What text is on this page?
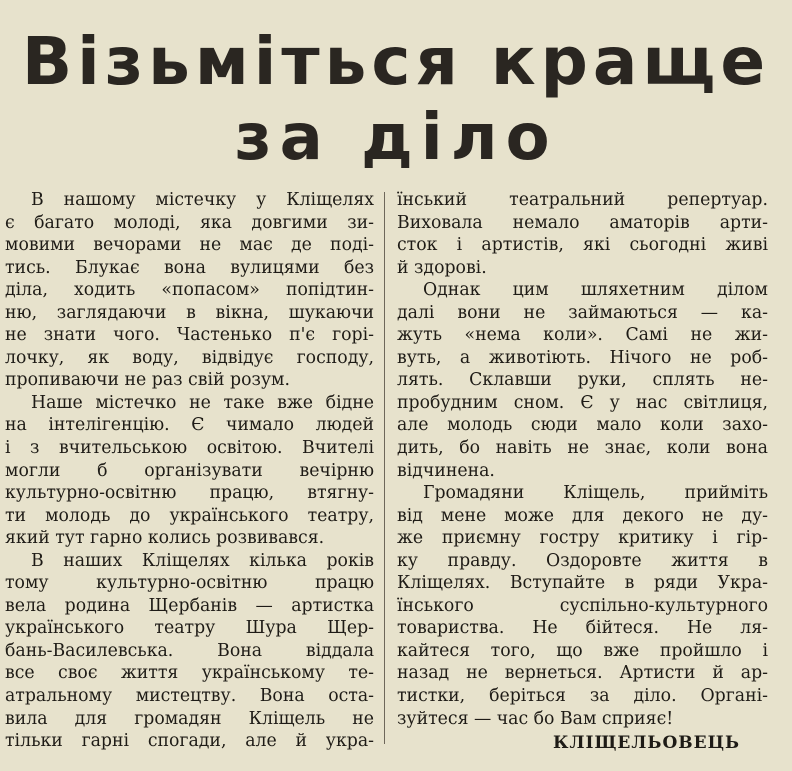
Візьміться краще
за діло

В нашому містечку у Кліщелях
є багато молоді, яка довгими зи-
мовими вечорами не має де поді-
тись. Блукає вона вулицями без
діла, ходить «попасом» попідтин-
ню, заглядаючи в вікна, шукаючи
не знати чого. Частенько п'є горі-
лочку, як воду, відвідує господу,
пропиваючи не раз свій розум.

Наше містечко не таке вже бідне
на інтелігенцію. Є чимало людей
і з вчительською освітою. Вчителі
могли б організувати вечірню
культурно-освітню працю, втягну-
ти молодь до українського театру,
який тут гарно колись розвивався.

В наших Кліщелях кілька років
тому культурно-освітню працю
вела родина Щербанів — артистка
українського театру Шура Щер-
бань-Василевська. Вона віддала
все своє життя українському те-
атральному мистецтву. Вона оста-
вила для громадян Кліщель не
тільки гарні спогади, але й укра-

їнський театральний репертуар.
Виховала немало аматорів арти-
сток і артистів, які сьогодні живі
й здорові.

Однак цим шляхетним ділом
далі вони не займаються — ка-
жуть «нема коли». Самі не жи-
вуть, а животіють. Нічого не роб-
лять. Склавши руки, сплять не-
пробудним сном. Є у нас світлиця,
але молодь сюди мало коли захо-
дить, бо навіть не знає, коли вона
відчинена.

Громадяни Кліщель, прийміть
від мене може для декого не ду-
же приємну гостру критику і гір-
ку правду. Оздоровте життя в
Кліщелях. Вступайте в ряди Укра-
їнського суспільно-культурного
товариства. Не бійтеся. Не ля-
кайтеся того, що вже пройшло і
назад не вернеться. Артисти й ар-
тистки, беріться за діло. Органі-
зуйтеся — час бо Вам сприяє!

КЛІЩЕЛЬОВЕЦЬ
